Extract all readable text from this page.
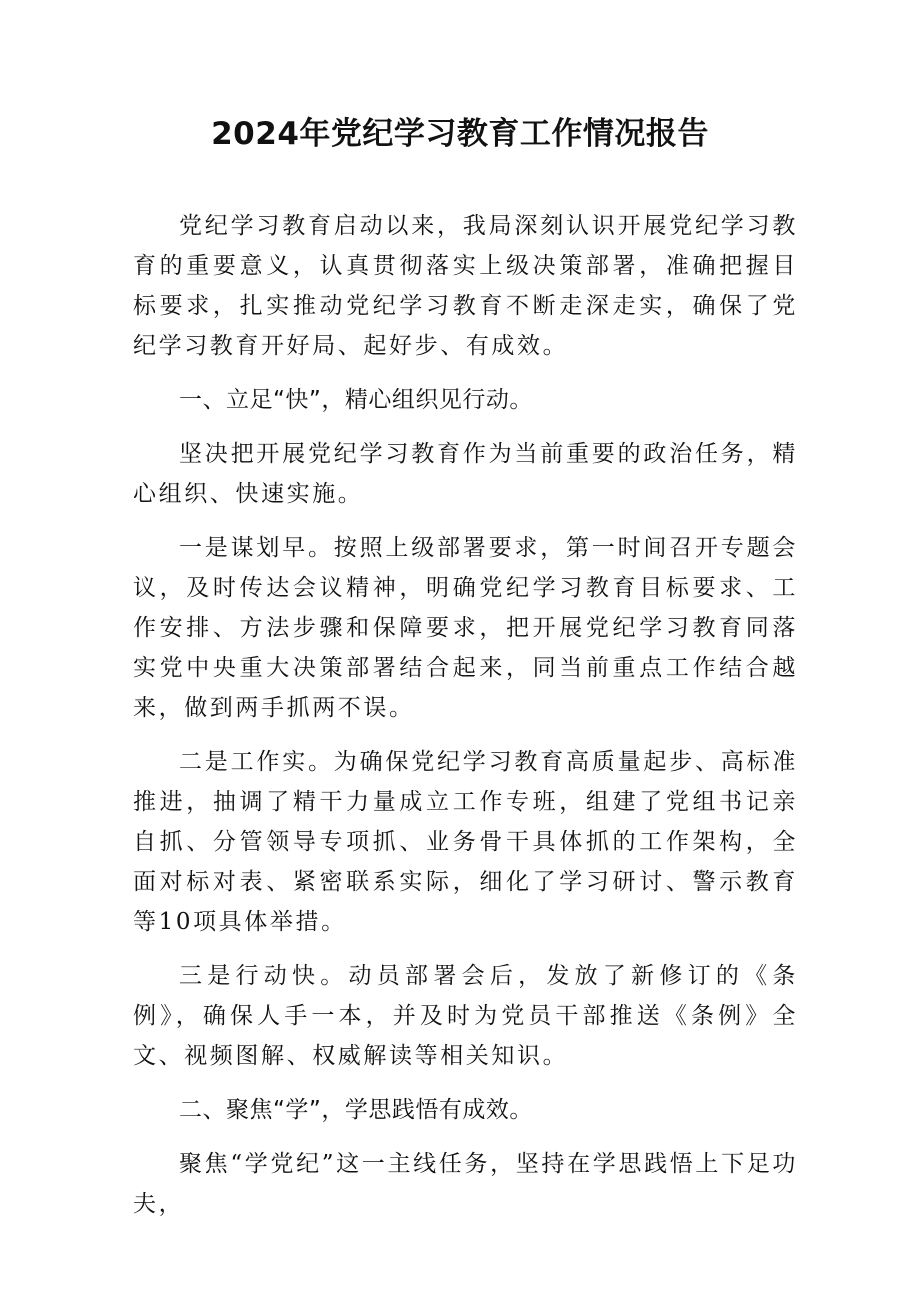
2024年党纪学习教育工作情况报告

党纪学习教育启动以来，我局深刻认识开展党纪学习教育的重要意义，认真贯彻落实上级决策部署，准确把握目标要求，扎实推动党纪学习教育不断走深走实，确保了党纪学习教育开好局、起好步、有成效。

一、立足“快”，精心组织见行动。

坚决把开展党纪学习教育作为当前重要的政治任务，精心组织、快速实施。

一是谋划早。按照上级部署要求，第一时间召开专题会议，及时传达会议精神，明确党纪学习教育目标要求、工作安排、方法步骤和保障要求，把开展党纪学习教育同落实党中央重大决策部署结合起来，同当前重点工作结合越来，做到两手抓两不误。

二是工作实。为确保党纪学习教育高质量起步、高标准推进，抽调了精干力量成立工作专班，组建了党组书记亲自抓、分管领导专项抓、业务骨干具体抓的工作架构，全面对标对表、紧密联系实际，细化了学习研讨、警示教育等10项具体举措。

三是行动快。动员部署会后，发放了新修订的《条例》，确保人手一本，并及时为党员干部推送《条例》全文、视频图解、权威解读等相关知识。

二、聚焦“学”，学思践悟有成效。

聚焦“学党纪”这一主线任务，坚持在学思践悟上下足功夫，
